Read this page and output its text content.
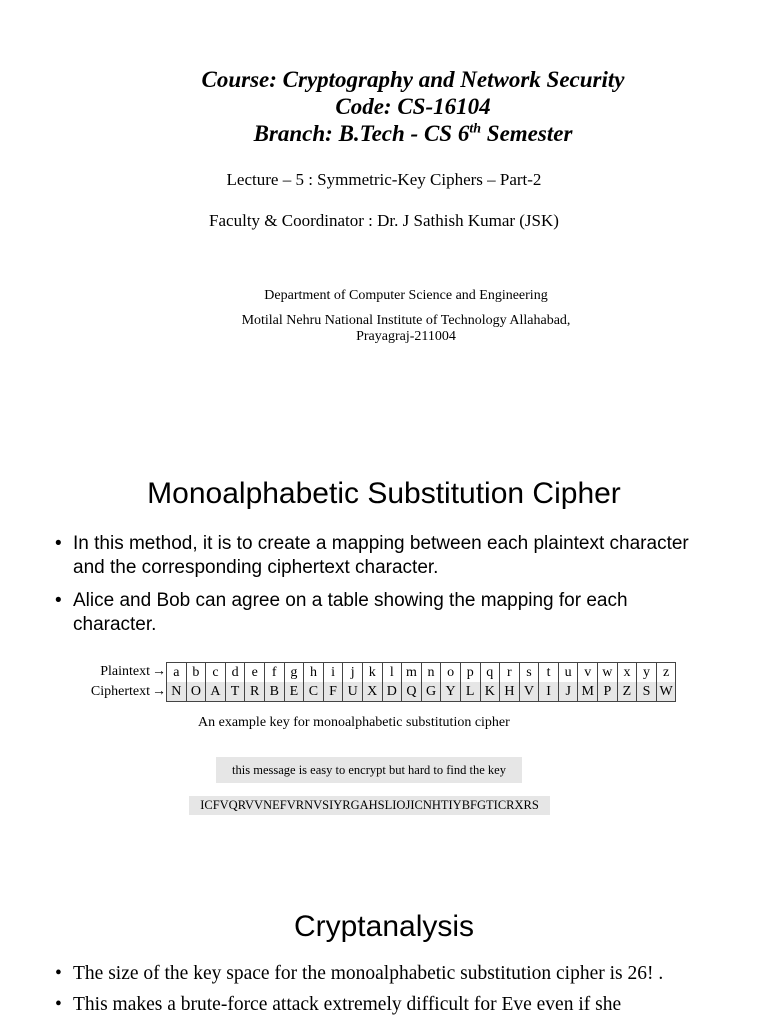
Course: Cryptography and Network Security

Code: CS-16104

Branch: B.Tech - CS 6th Semester

Lecture – 5 : Symmetric-Key Ciphers – Part-2
Faculty & Coordinator : Dr. J Sathish Kumar (JSK)
Department of Computer Science and Engineering
Motilal Nehru National Institute of Technology Allahabad,
Prayagraj-211004
Monoalphabetic Substitution Cipher
• In this method, it is to create a mapping between each plaintext character and the corresponding ciphertext character.
• Alice and Bob can agree on a table showing the mapping for each character.
Plaintext → a b c d e	f g h	i	j	k	l m n o p q r	s	t	u v w x y z
Ciphertext → N O A T R B E C F U X D Q G Y L K H V I	J M P Z S W
An example key for monoalphabetic substitution cipher
this message is easy to encrypt but hard to find the key
ICFVQRVVNEFVRNVSIYRGAHSLIOJICNHTIYBFGTICRXRS
Cryptanalysis
• The size of the key space for the monoalphabetic substitution cipher is 26! .
• This makes a brute-force attack extremely difficult for Eve even if she
